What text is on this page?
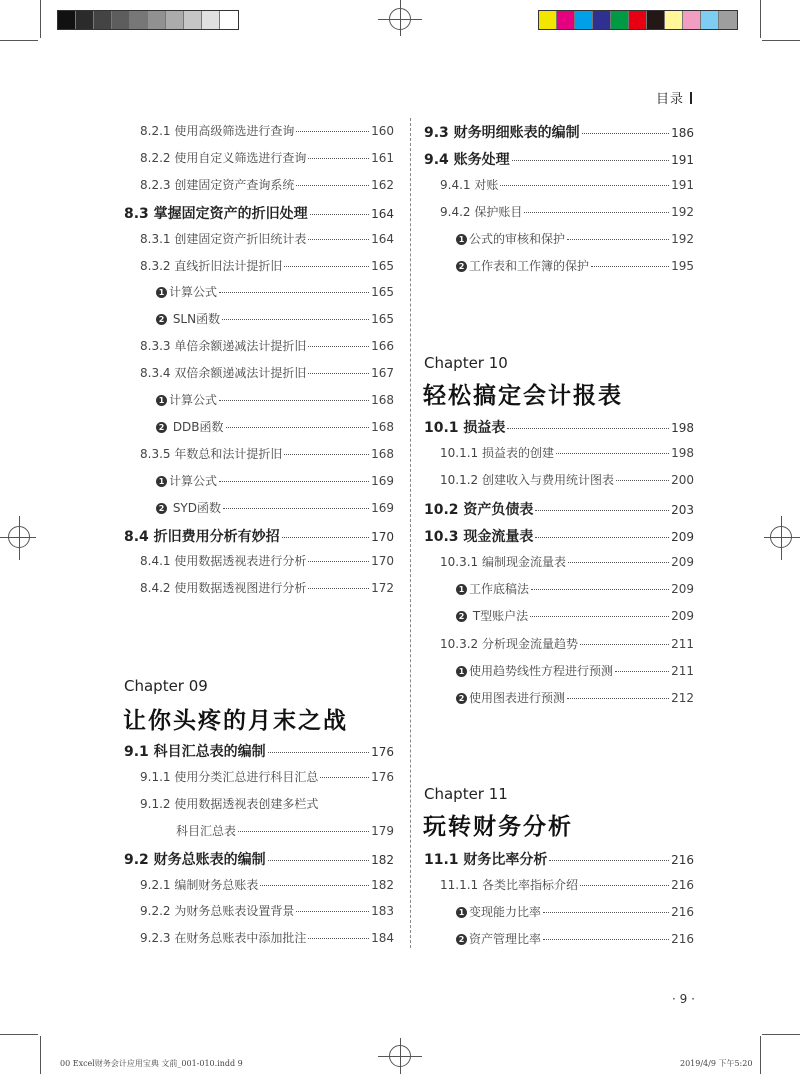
目录
8.2.1 使用高级筛选进行查询	160
8.2.2 使用自定义筛选进行查询	161
8.2.3 创建固定资产查询系统	162
8.3 掌握固定资产的折旧处理	164
8.3.1 创建固定资产折旧统计表	164
8.3.2 直线折旧法计提折旧	165
1 计算公式	165
2 SLN函数	165
8.3.3 单倍余额递减法计提折旧	166
8.3.4 双倍余额递减法计提折旧	167
1 计算公式	168
2 DDB函数	168
8.3.5 年数总和法计提折旧	168
1 计算公式	169
2 SYD函数	169
8.4 折旧费用分析有妙招	170
8.4.1 使用数据透视表进行分析	170
8.4.2 使用数据透视图进行分析	172
Chapter 09
让你头疼的月末之战
9.1 科目汇总表的编制	176
9.1.1 使用分类汇总进行科目汇总	176
9.1.2 使用数据透视表创建多栏式
科目汇总表	179
9.2 财务总账表的编制	182
9.2.1 编制财务总账表	182
9.2.2 为财务总账表设置背景	183
9.2.3 在财务总账表中添加批注	184
9.3 财务明细账表的编制	186
9.4 账务处理	191
9.4.1 对账	191
9.4.2 保护账目	192
1 公式的审核和保护	192
2 工作表和工作簿的保护	195
Chapter 10
轻松搞定会计报表
10.1 损益表	198
10.1.1 损益表的创建	198
10.1.2 创建收入与费用统计图表	200
10.2 资产负债表	203
10.3 现金流量表	209
10.3.1 编制现金流量表	209
1 工作底稿法	209
2 T型账户法	209
10.3.2 分析现金流量趋势	211
1 使用趋势线性方程进行预测	211
2 使用图表进行预测	212
Chapter 11
玩转财务分析
11.1 财务比率分析	216
11.1.1 各类比率指标介绍	216
1 变现能力比率	216
2 资产管理比率	216
· 9 ·
00 Excel财务会计应用宝典 文前_001-010.indd 9	2019/4/9 下午5:20
